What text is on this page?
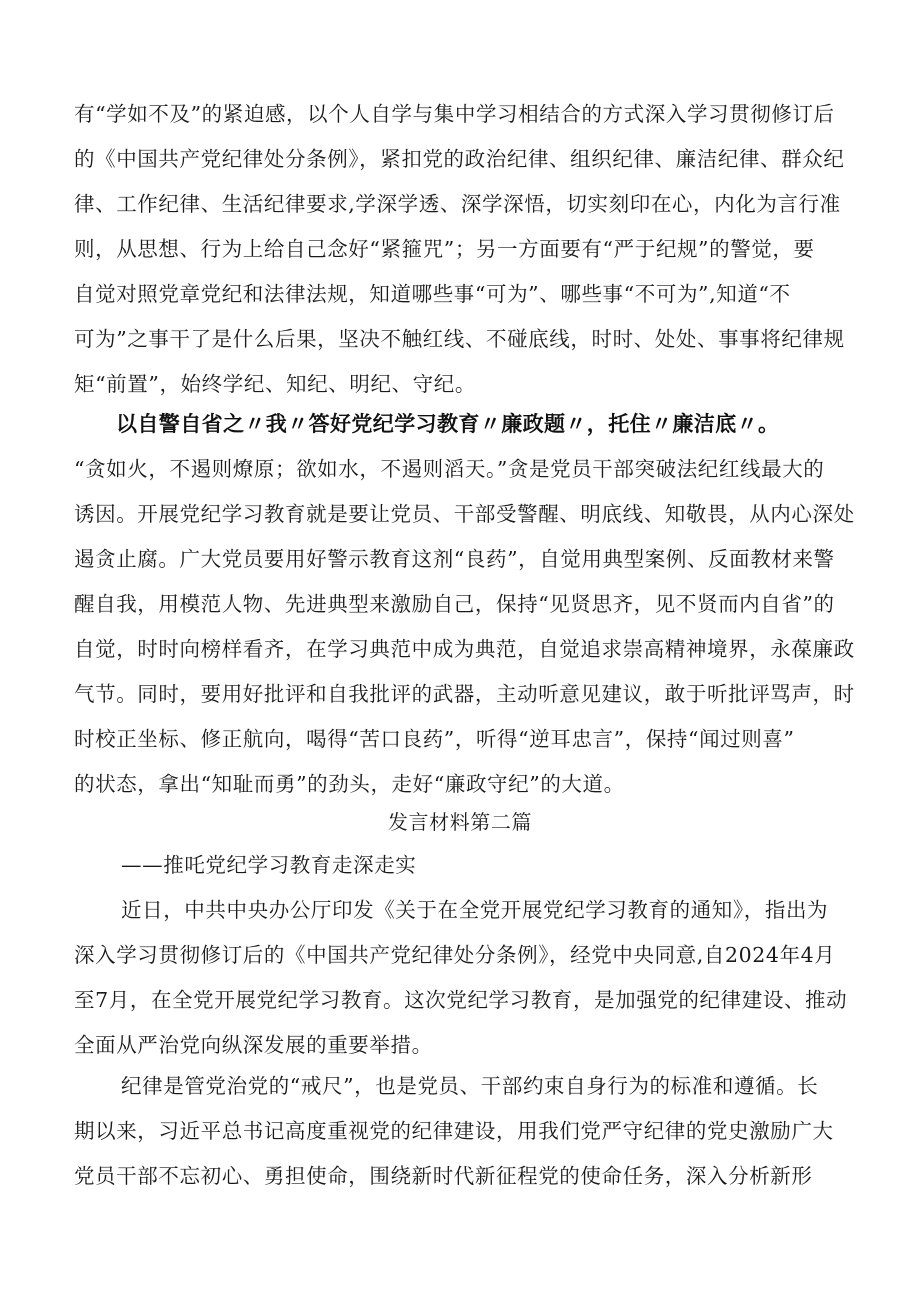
有“学如不及”的紧迫感，以个人自学与集中学习相结合的方式深入学习贯彻修订后
的《中国共产党纪律处分条例》，紧扣党的政治纪律、组织纪律、廉洁纪律、群众纪
律、工作纪律、生活纪律要求,学深学透、深学深悟，切实刻印在心，内化为言行准
则，从思想、行为上给自己念好“紧箍咒”；另一方面要有“严于纪规”的警觉，要
自觉对照党章党纪和法律法规，知道哪些事“可为”、哪些事“不可为”,知道“不
可为”之事干了是什么后果，坚决不触红线、不碰底线，时时、处处、事事将纪律规
矩“前置”，始终学纪、知纪、明纪、守纪。

以自警自省之〃我〃答好党纪学习教育〃廉政题〃，托住〃廉洁底〃。

“贪如火，不遏则燎原；欲如水，不遏则滔天。”贪是党员干部突破法纪红线最大的
诱因。开展党纪学习教育就是要让党员、干部受警醒、明底线、知敬畏，从内心深处
遏贪止腐。广大党员要用好警示教育这剂“良药”，自觉用典型案例、反面教材来警
醒自我，用模范人物、先进典型来激励自己，保持“见贤思齐，见不贤而内自省”的
自觉，时时向榜样看齐，在学习典范中成为典范，自觉追求崇高精神境界，永葆廉政
气节。同时，要用好批评和自我批评的武器，主动听意见建议，敢于听批评骂声，时
时校正坐标、修正航向，喝得“苦口良药”，听得“逆耳忠言”，保持“闻过则喜”
的状态，拿出“知耻而勇”的劲头，走好“廉政守纪”的大道。

发言材料第二篇

——推吒党纪学习教育走深走实

近日，中共中央办公厅印发《关于在全党开展党纪学习教育的通知》，指出为
深入学习贯彻修订后的《中国共产党纪律处分条例》，经党中央同意,自2024年4月
至7月，在全党开展党纪学习教育。这次党纪学习教育，是加强党的纪律建设、推动
全面从严治党向纵深发展的重要举措。
纪律是管党治党的“戒尺”，也是党员、干部约束自身行为的标准和遵循。长
期以来，习近平总书记高度重视党的纪律建设，用我们党严守纪律的党史激励广大
党员干部不忘初心、勇担使命，围绕新时代新征程党的使命任务，深入分析新形
